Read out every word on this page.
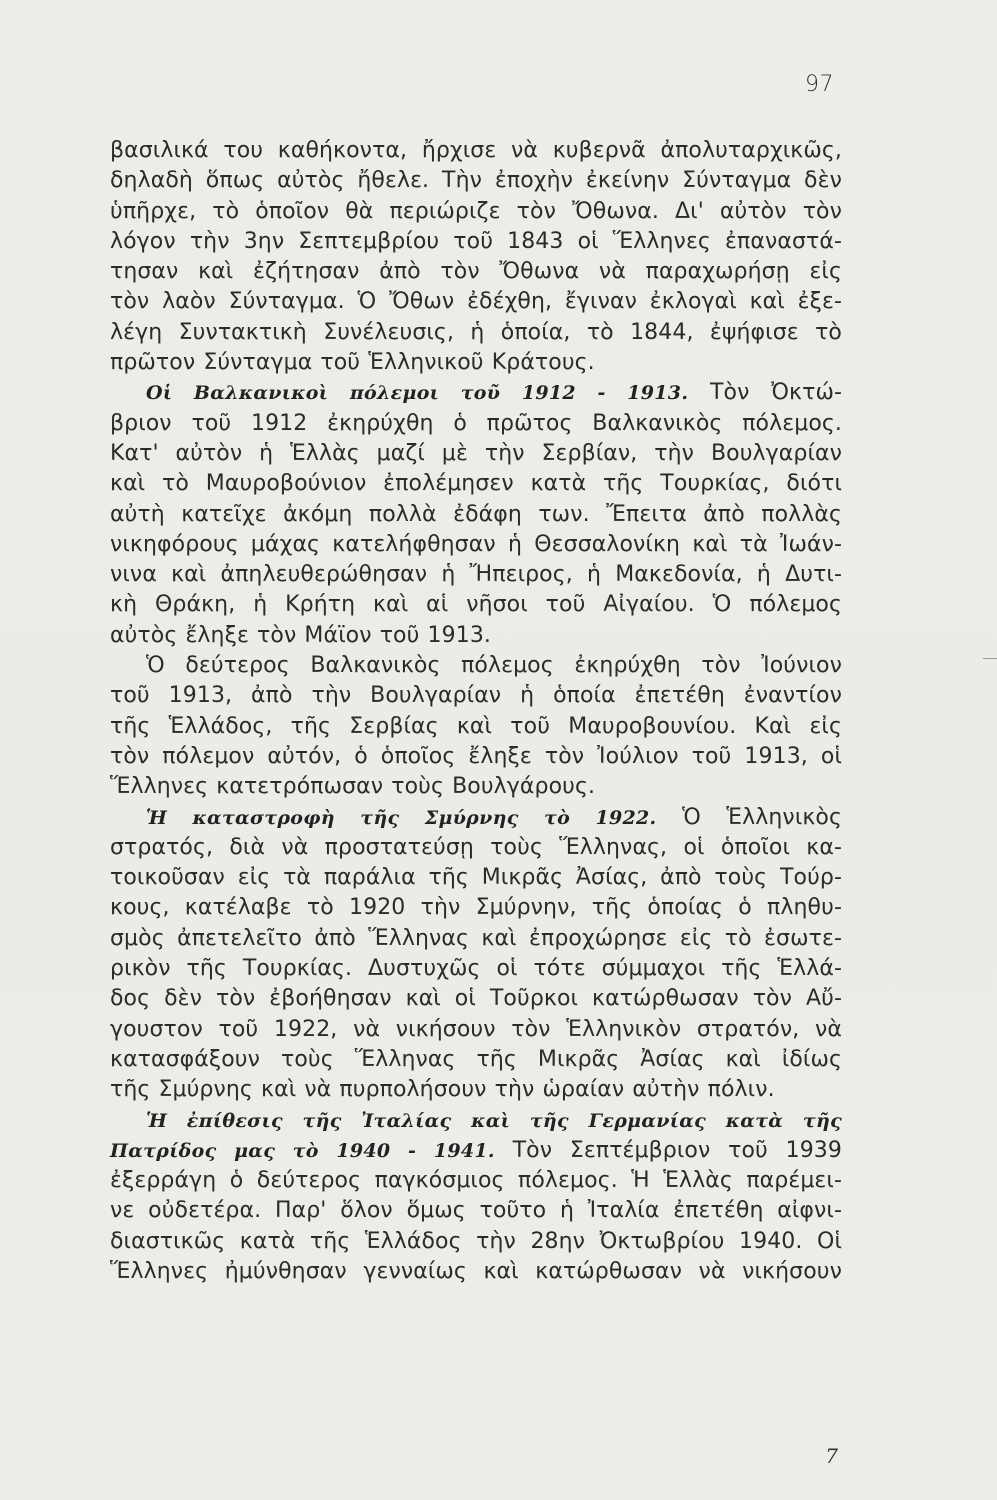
97
βασιλικά του καθήκοντα, ἤρχισε νὰ κυβερνᾶ ἀπολυταρχικῶς,
δηλαδὴ ὅπως αὐτὸς ἤθελε. Τὴν ἐποχὴν ἐκείνην Σύνταγμα δὲν
ὑπῆρχε, τὸ ὁποῖον θὰ περιώριζε τὸν Ὄθωνα. Δι' αὐτὸν τὸν
λόγον τὴν 3ην Σεπτεμβρίου τοῦ 1843 οἱ Ἕλληνες ἐπαναστά-
τησαν καὶ ἐζήτησαν ἀπὸ τὸν Ὄθωνα νὰ παραχωρήσῃ εἰς
τὸν λαὸν Σύνταγμα. Ὁ Ὄθων ἐδέχθη, ἔγιναν ἐκλογαὶ καὶ ἐξε-
λέγη Συντακτικὴ Συνέλευσις, ἡ ὁποία, τὸ 1844, ἐψήφισε τὸ
πρῶτον Σύνταγμα τοῦ Ἑλληνικοῦ Κράτους.
Οἱ Βαλκανικοὶ πόλεμοι τοῦ 1912 - 1913. Τὸν Ὀκτώ-
βριον τοῦ 1912 ἐκηρύχθη ὁ πρῶτος Βαλκανικὸς πόλεμος.
Κατ' αὐτὸν ἡ Ἑλλὰς μαζί μὲ τὴν Σερβίαν, τὴν Βουλγαρίαν
καὶ τὸ Μαυροβούνιον ἐπολέμησεν κατὰ τῆς Τουρκίας, διότι
αὐτὴ κατεῖχε ἀκόμη πολλὰ ἐδάφη των. Ἔπειτα ἀπὸ πολλὰς
νικηφόρους μάχας κατελήφθησαν ἡ Θεσσαλονίκη καὶ τὰ Ἰωάν-
νινα καὶ ἀπηλευθερώθησαν ἡ Ἤπειρος, ἡ Μακεδονία, ἡ Δυτι-
κὴ Θράκη, ἡ Κρήτη καὶ αἱ νῆσοι τοῦ Αἰγαίου. Ὁ πόλεμος
αὐτὸς ἔληξε τὸν Μάϊον τοῦ 1913.
Ὁ δεύτερος Βαλκανικὸς πόλεμος ἐκηρύχθη τὸν Ἰούνιον
τοῦ 1913, ἀπὸ τὴν Βουλγαρίαν ἡ ὁποία ἐπετέθη ἐναντίον
τῆς Ἑλλάδος, τῆς Σερβίας καὶ τοῦ Μαυροβουνίου. Καὶ εἰς
τὸν πόλεμον αὐτόν, ὁ ὁποῖος ἔληξε τὸν Ἰούλιον τοῦ 1913, οἱ
Ἕλληνες κατετρόπωσαν τοὺς Βουλγάρους.
Ἡ καταστροφὴ τῆς Σμύρνης τὸ 1922. Ὁ Ἑλληνικὸς
στρατός, διὰ νὰ προστατεύσῃ τοὺς Ἕλληνας, οἱ ὁποῖοι κα-
τοικοῦσαν εἰς τὰ παράλια τῆς Μικρᾶς Ἀσίας, ἀπὸ τοὺς Τούρ-
κους, κατέλαβε τὸ 1920 τὴν Σμύρνην, τῆς ὁποίας ὁ πληθυ-
σμὸς ἀπετελεῖτο ἀπὸ Ἕλληνας καὶ ἐπροχώρησε εἰς τὸ ἐσωτε-
ρικὸν τῆς Τουρκίας. Δυστυχῶς οἱ τότε σύμμαχοι τῆς Ἑλλά-
δος δὲν τὸν ἐβοήθησαν καὶ οἱ Τοῦρκοι κατώρθωσαν τὸν Αὔ-
γουστον τοῦ 1922, νὰ νικήσουν τὸν Ἑλληνικὸν στρατόν, νὰ
κατασφάξουν τοὺς Ἕλληνας τῆς Μικρᾶς Ἀσίας καὶ ἰδίως
τῆς Σμύρνης καὶ νὰ πυρπολήσουν τὴν ὡραίαν αὐτὴν πόλιν.
Ἡ ἐπίθεσις τῆς Ἰταλίας καὶ τῆς Γερμανίας κατὰ τῆς
Πατρίδος μας τὸ 1940 - 1941. Τὸν Σεπτέμβριον τοῦ 1939
ἐξερράγη ὁ δεύτερος παγκόσμιος πόλεμος. Ἡ Ἑλλὰς παρέμει-
νε οὐδετέρα. Παρ' ὅλον ὅμως τοῦτο ἡ Ἰταλία ἐπετέθη αἰφνι-
διαστικῶς κατὰ τῆς Ἑλλάδος τὴν 28ην Ὀκτωβρίου 1940. Οἱ
Ἕλληνες ἠμύνθησαν γενναίως καὶ κατώρθωσαν νὰ νικήσουν
7
